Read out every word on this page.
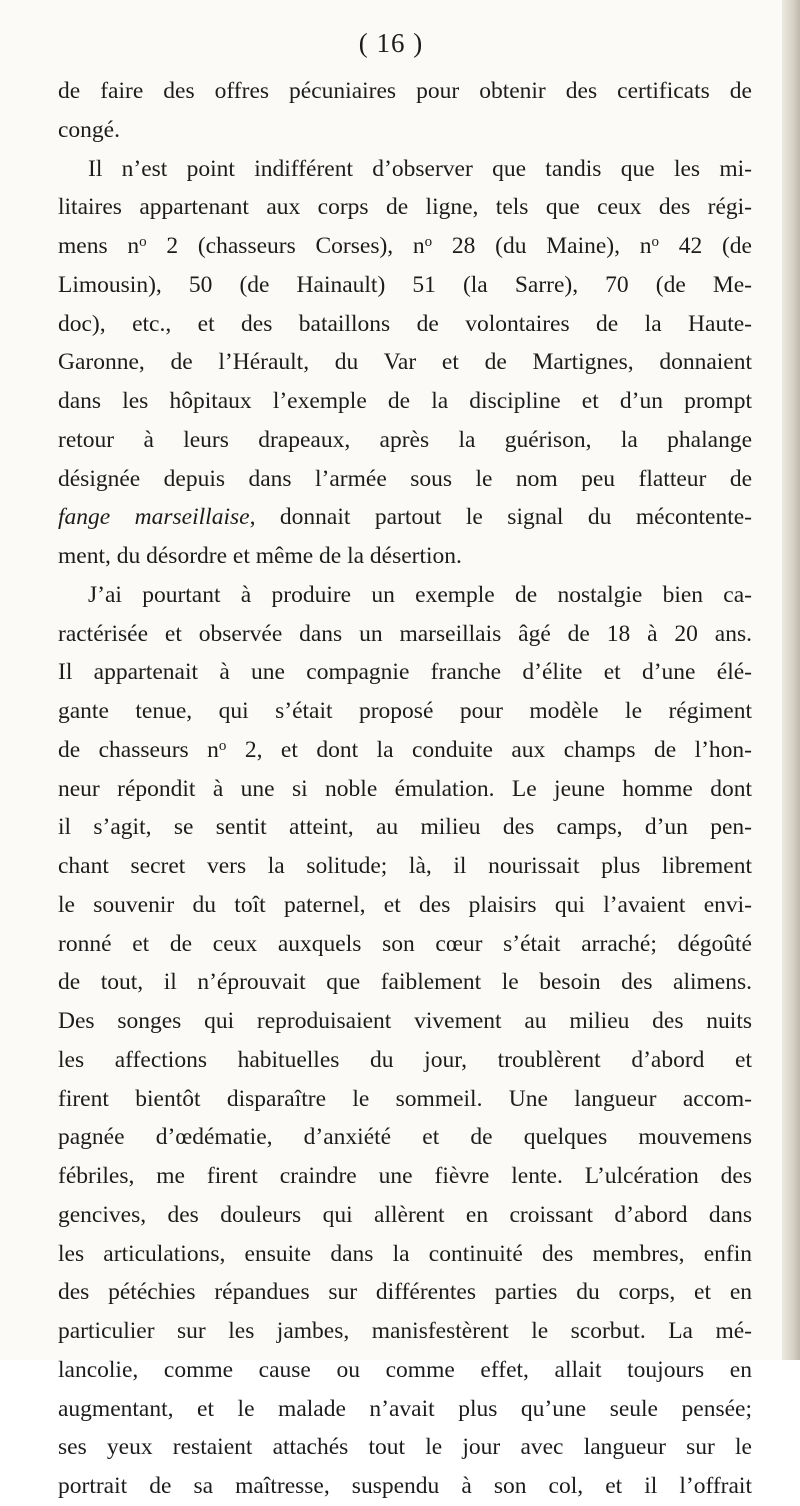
( 16 )
de faire des offres pécuniaires pour obtenir des certificats de
congé.
Il n’est point indifférent d’observer que tandis que les mi-
litaires appartenant aux corps de ligne, tels que ceux des régi-
mens $n^o$ 2 (chasseurs Corses), $n^o$ 28 (du Maine), $n^o$ 42 (de
Limousin), 50 (de Hainault) 51 (la Sarre), 70 (de Me-
doc), etc., et des bataillons de volontaires de la Haute-
Garonne, de l’Hérault, du Var et de Martignes, donnaient
dans les hôpitaux l’exemple de la discipline et d’un prompt
retour à leurs drapeaux, après la guérison, la phalange
désignée depuis dans l’armée sous le nom peu flatteur de
fange marseillaise, donnait partout le signal du mécontente-
ment, du désordre et même de la désertion.
J’ai pourtant à produire un exemple de nostalgie bien ca-
ractérisée et observée dans un marseillais âgé de 18 à 20 ans.
Il appartenait à une compagnie franche d’élite et d’une élé-
gante tenue, qui s’était proposé pour modèle le régiment
de chasseurs $n^o$ 2, et dont la conduite aux champs de l’hon-
neur répondit à une si noble émulation. Le jeune homme dont
il s’agit, se sentit atteint, au milieu des camps, d’un pen-
chant secret vers la solitude; là, il nourissait plus librement
le souvenir du toît paternel, et des plaisirs qui l’avaient envi-
ronné et de ceux auxquels son cœur s’était arraché; dégoûté
de tout, il n’éprouvait que faiblement le besoin des alimens.
Des songes qui reproduisaient vivement au milieu des nuits
les affections habituelles du jour, troublèrent d’abord et
firent bientôt disparaître le sommeil. Une langueur accom-
pagnée d’œdématie, d’anxiété et de quelques mouvemens
fébriles, me firent craindre une fièvre lente. L’ulcération des
gencives, des douleurs qui allèrent en croissant d’abord dans
les articulations, ensuite dans la continuité des membres, enfin
des pétéchies répandues sur différentes parties du corps, et en
particulier sur les jambes, manisfestèrent le scorbut. La mé-
lancolie, comme cause ou comme effet, allait toujours en
augmentant, et le malade n’avait plus qu’une seule pensée;
ses yeux restaient attachés tout le jour avec langueur sur le
portrait de sa maîtresse, suspendu à son col, et il l’offrait
